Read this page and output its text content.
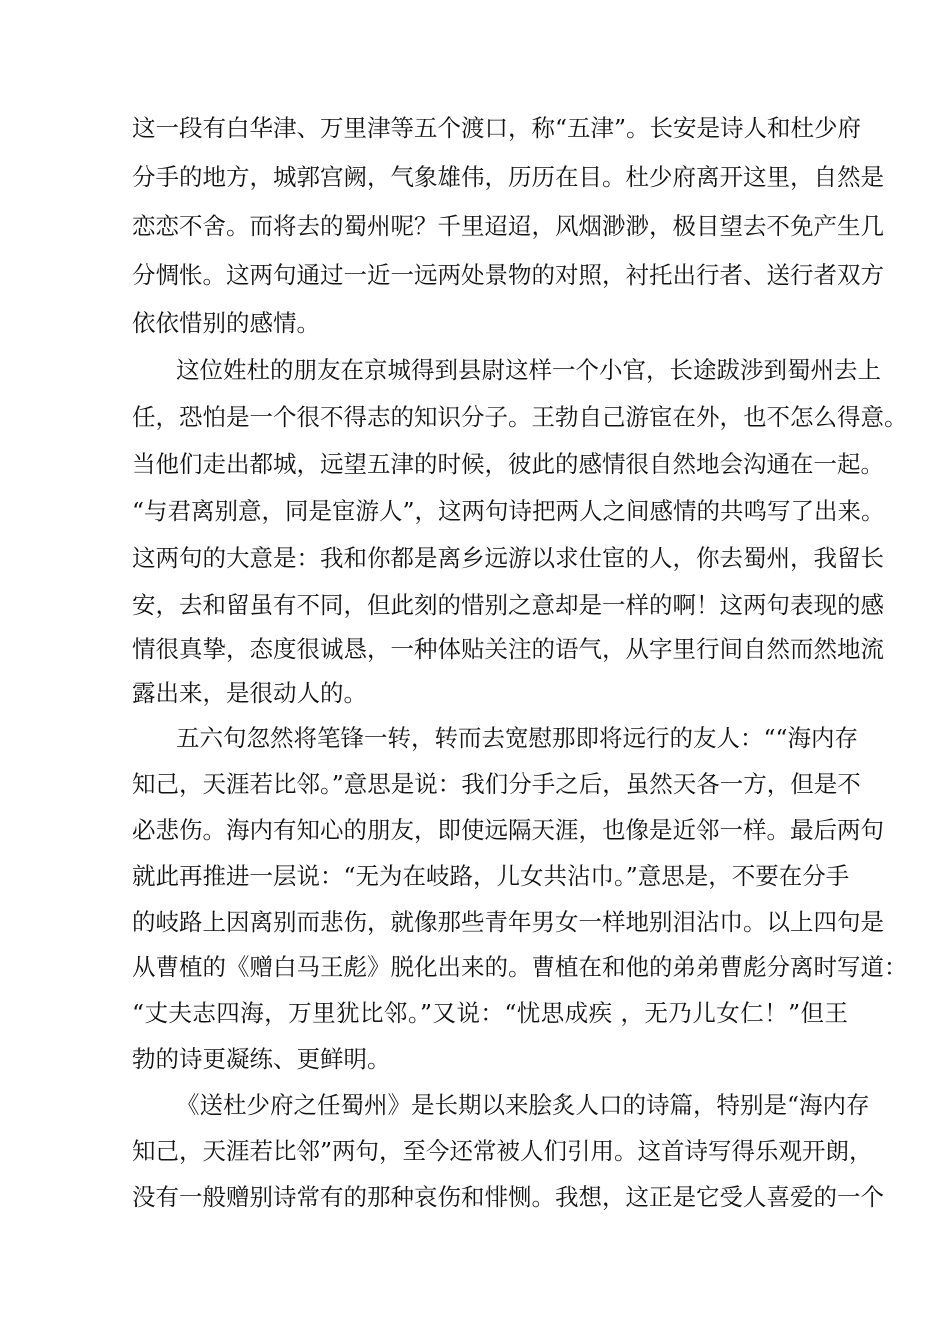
这一段有白华津、万里津等五个渡口，称“五津”。长安是诗人和杜少府

分手的地方，城郭宫阙，气象雄伟，历历在目。杜少府离开这里，自然是

恋恋不舍。而将去的蜀州呢？千里迢迢，风烟渺渺，极目望去不免产生几

分惆怅。这两句通过一近一远两处景物的对照，衬托出行者、送行者双方

依依惜别的感情。

这位姓杜的朋友在京城得到县尉这样一个小官，长途跋涉到蜀州去上

任，恐怕是一个很不得志的知识分子。王勃自己游宦在外，也不怎么得意。

当他们走出都城，远望五津的时候，彼此的感情很自然地会沟通在一起。

“与君离别意，同是宦游人”，这两句诗把两人之间感情的共鸣写了出来。

这两句的大意是：我和你都是离乡远游以求仕宦的人，你去蜀州，我留长

安，去和留虽有不同，但此刻的惜别之意却是一样的啊！这两句表现的感

情很真挚，态度很诚恳，一种体贴关注的语气，从字里行间自然而然地流

露出来，是很动人的。

五六句忽然将笔锋一转，转而去宽慰那即将远行的友人：““海内存

知己，天涯若比邻。”意思是说：我们分手之后，虽然天各一方，但是不

必悲伤。海内有知心的朋友，即使远隔天涯，也像是近邻一样。最后两句

就此再推进一层说：“无为在岐路，儿女共沾巾。”意思是，不要在分手

的岐路上因离别而悲伤，就像那些青年男女一样地别泪沾巾。以上四句是

从曹植的《赠白马王彪》脱化出来的。曹植在和他的弟弟曹彪分离时写道：

“丈夫志四海，万里犹比邻。”又说：“忧思成疾 ，无乃儿女仁！”但王

勃的诗更凝练、更鲜明。

《送杜少府之任蜀州》是长期以来脍炙人口的诗篇，特别是“海内存

知己，天涯若比邻”两句，至今还常被人们引用。这首诗写得乐观开朗，

没有一般赠别诗常有的那种哀伤和悱恻。我想，这正是它受人喜爱的一个
